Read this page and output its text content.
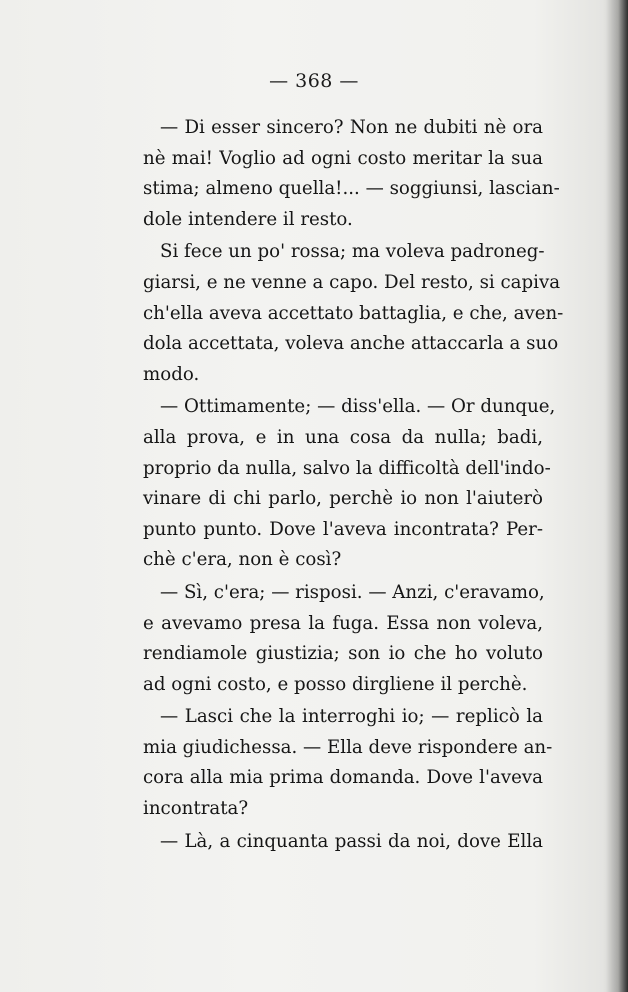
— 368 —
— Di esser sincero? Non ne dubiti nè ora
nè mai! Voglio ad ogni costo meritar la sua
stima; almeno quella!... — soggiunsi, lascian-
dole intendere il resto.
Si fece un po' rossa; ma voleva padroneg-
giarsi, e ne venne a capo. Del resto, si capiva
ch'ella aveva accettato battaglia, e che, aven-
dola accettata, voleva anche attaccarla a suo
modo.
— Ottimamente; — diss'ella. — Or dunque,
alla prova, e in una cosa da nulla; badi,
proprio da nulla, salvo la difficoltà dell'indo-
vinare di chi parlo, perchè io non l'aiuterò
punto punto. Dove l'aveva incontrata? Per-
chè c'era, non è così?
— Sì, c'era; — risposi. — Anzi, c'eravamo,
e avevamo presa la fuga. Essa non voleva,
rendiamole giustizia; son io che ho voluto
ad ogni costo, e posso dirgliene il perchè.
— Lasci che la interroghi io; — replicò la
mia giudichessa. — Ella deve rispondere an-
cora alla mia prima domanda. Dove l'aveva
incontrata?
— Là, a cinquanta passi da noi, dove Ella
